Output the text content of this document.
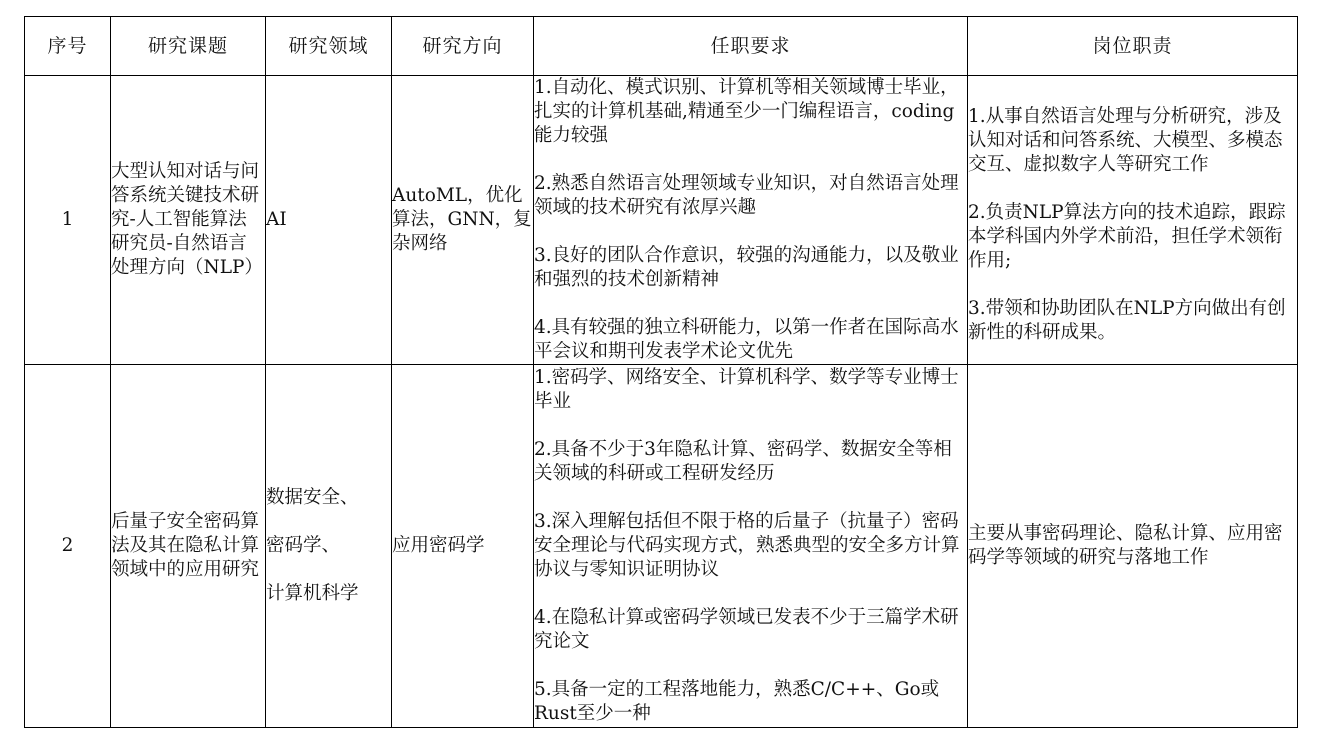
序号	研究课题	研究领域	研究方向	任职要求	岗位职责
1	大型认知对话与问答系统关键技术研究-人工智能算法研究员-自然语言处理方向（NLP）	AI	AutoML，优化算法，GNN，复杂网络	1.自动化、模式识别、计算机等相关领域博士毕业，扎实的计算机基础,精通至少一门编程语言，coding 能力较强
2.熟悉自然语言处理领域专业知识，对自然语言处理领域的技术研究有浓厚兴趣
3.良好的团队合作意识，较强的沟通能力，以及敬业和强烈的技术创新精神
4.具有较强的独立科研能力，以第一作者在国际高水平会议和期刊发表学术论文优先	1.从事自然语言处理与分析研究，涉及认知对话和问答系统、大模型、多模态交互、虚拟数字人等研究工作
2.负责NLP算法方向的技术追踪，跟踪本学科国内外学术前沿，担任学术领衔作用;
3.带领和协助团队在NLP方向做出有创新性的科研成果。

2	后量子安全密码算法及其在隐私计算领域中的应用研究	数据安全、
密码学、
计算机科学	应用密码学	1.密码学、网络安全、计算机科学、数学等专业博士毕业
2.具备不少于3年隐私计算、密码学、数据安全等相关领域的科研或工程研发经历
3.深入理解包括但不限于格的后量子（抗量子）密码安全理论与代码实现方式，熟悉典型的安全多方计算协议与零知识证明协议
4.在隐私计算或密码学领域已发表不少于三篇学术研究论文
5.具备一定的工程落地能力，熟悉C/C++、Go或Rust至少一种	主要从事密码理论、隐私计算、应用密码学等领域的研究与落地工作
